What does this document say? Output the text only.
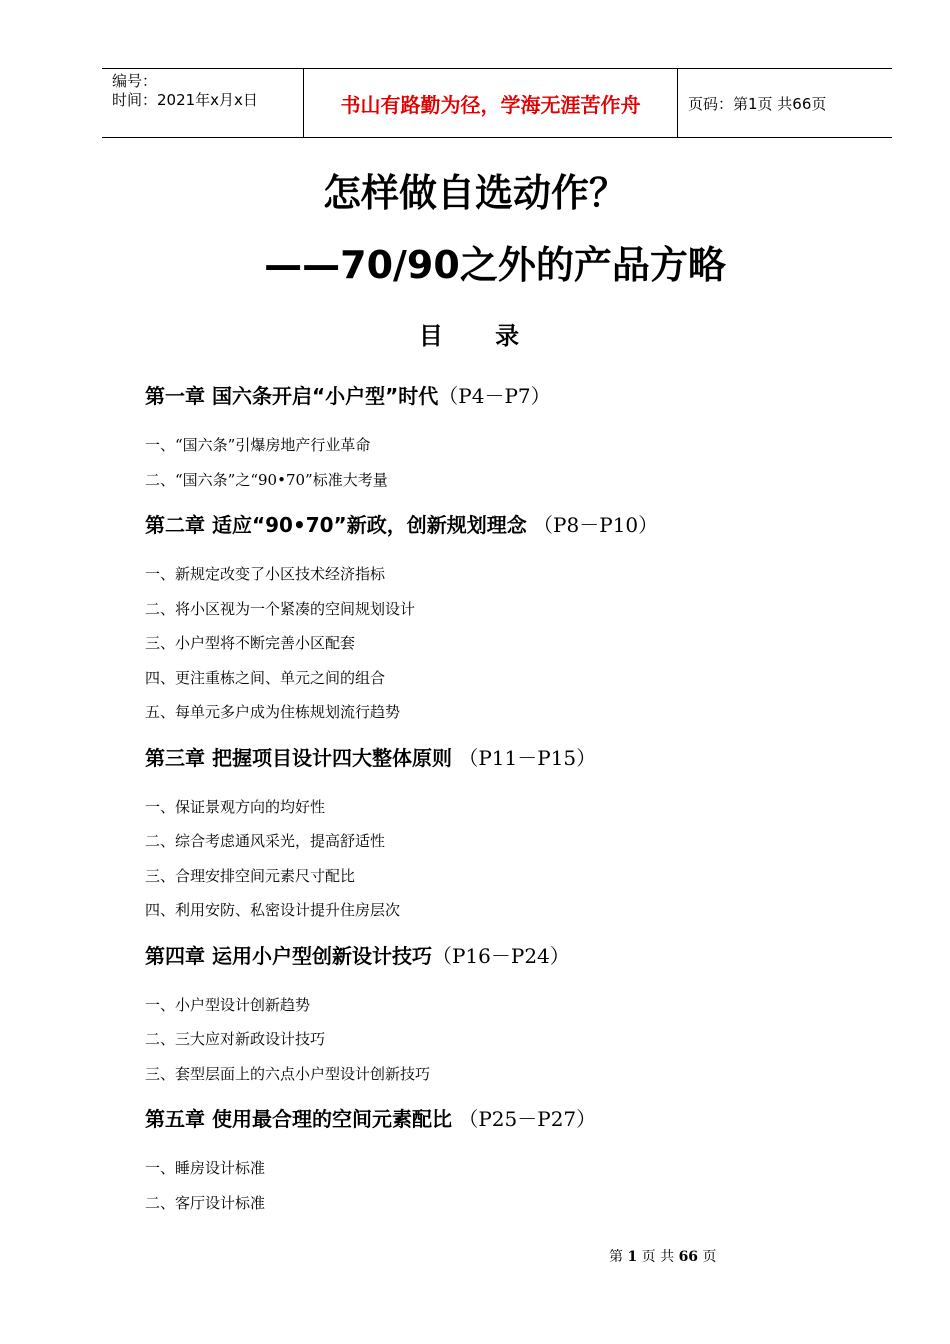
编号：
时间：2021年x月x日	书山有路勤为径，学海无涯苦作舟	页码：第1页 共66页
怎样做自选动作？
——70/90之外的产品方略
目 录
第一章 国六条开启“小户型”时代（P4－P7）
一、“国六条”引爆房地产行业革命
二、“国六条”之“90•70”标准大考量
第二章 适应“90•70”新政，创新规划理念 （P8－P10）
一、新规定改变了小区技术经济指标
二、将小区视为一个紧凑的空间规划设计
三、小户型将不断完善小区配套
四、更注重栋之间、单元之间的组合
五、每单元多户成为住栋规划流行趋势
第三章 把握项目设计四大整体原则 （P11－P15）
一、保证景观方向的均好性
二、综合考虑通风采光，提高舒适性
三、合理安排空间元素尺寸配比
四、利用安防、私密设计提升住房层次
第四章 运用小户型创新设计技巧（P16－P24）
一、小户型设计创新趋势
二、三大应对新政设计技巧
三、套型层面上的六点小户型设计创新技巧
第五章 使用最合理的空间元素配比 （P25－P27）
一、睡房设计标准
二、客厅设计标准
第 1 页 共 66 页
